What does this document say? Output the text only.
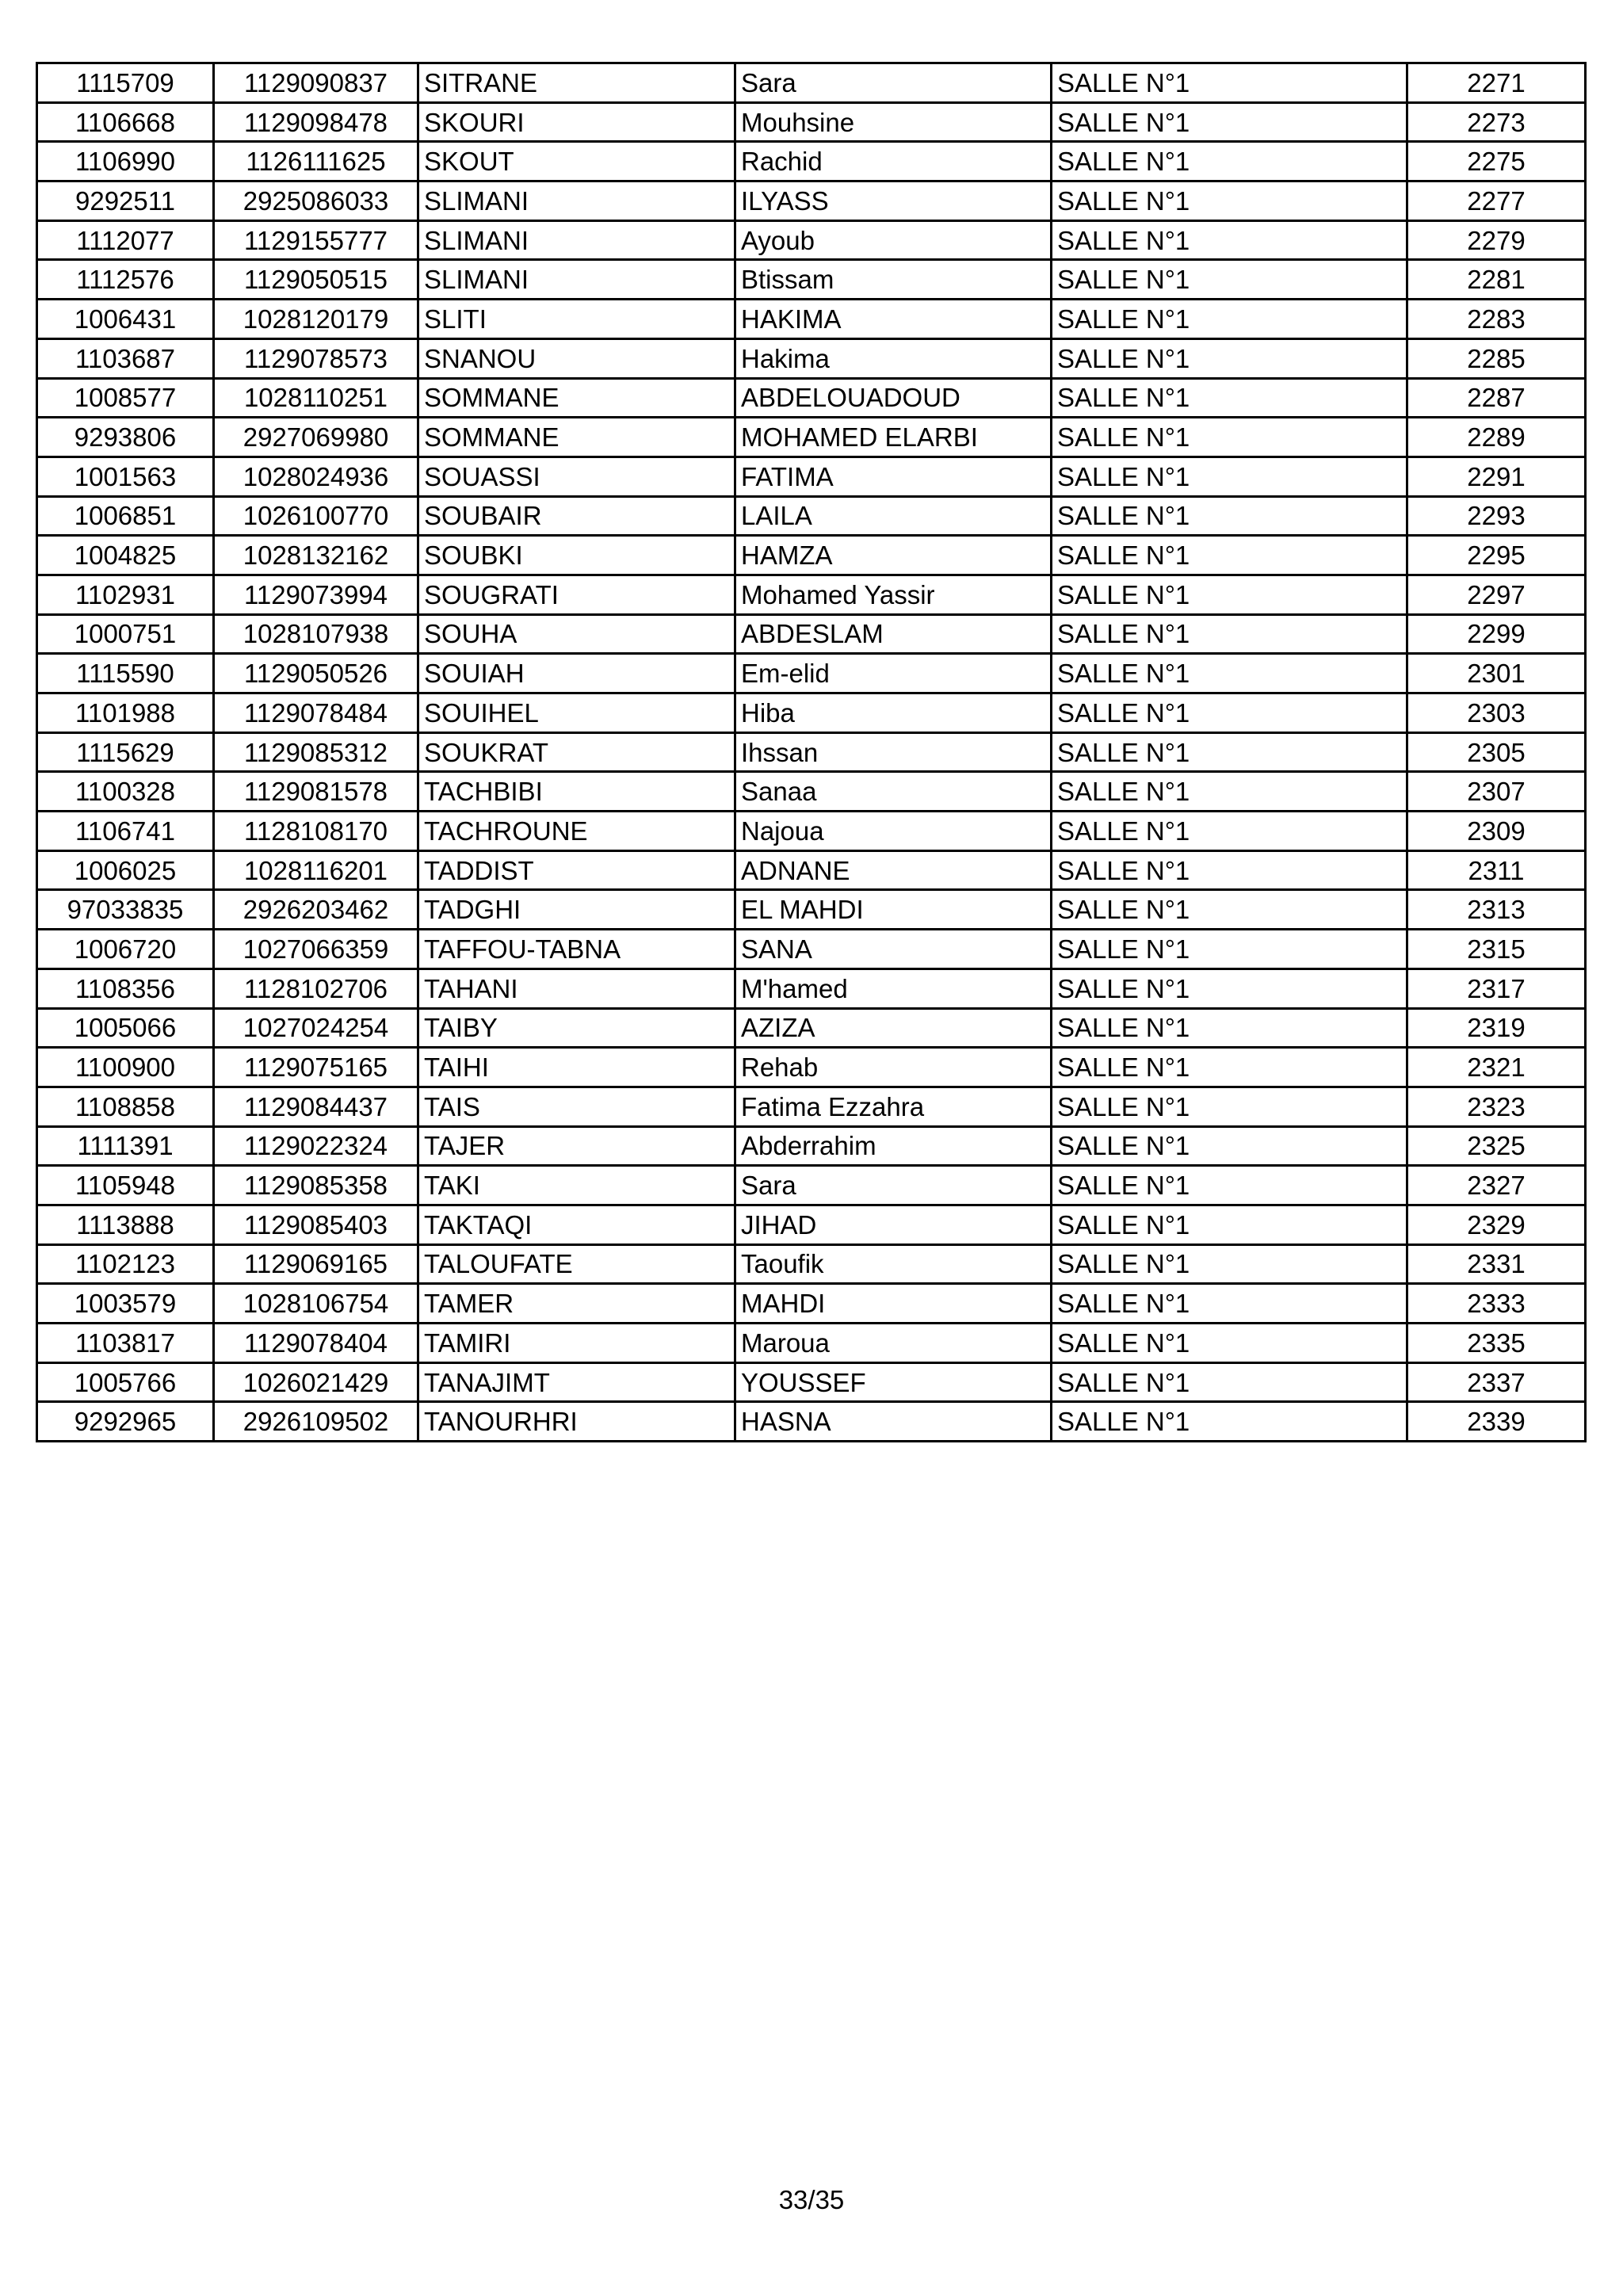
1115709	1129090837	SITRANE	Sara	SALLE N°1	2271
1106668	1129098478	SKOURI	Mouhsine	SALLE N°1	2273
1106990	1126111625	SKOUT	Rachid	SALLE N°1	2275
9292511	2925086033	SLIMANI	ILYASS	SALLE N°1	2277
1112077	1129155777	SLIMANI	Ayoub	SALLE N°1	2279
1112576	1129050515	SLIMANI	Btissam	SALLE N°1	2281
1006431	1028120179	SLITI	HAKIMA	SALLE N°1	2283
1103687	1129078573	SNANOU	Hakima	SALLE N°1	2285
1008577	1028110251	SOMMANE	ABDELOUADOUD	SALLE N°1	2287
9293806	2927069980	SOMMANE	MOHAMED ELARBI	SALLE N°1	2289
1001563	1028024936	SOUASSI	FATIMA	SALLE N°1	2291
1006851	1026100770	SOUBAIR	LAILA	SALLE N°1	2293
1004825	1028132162	SOUBKI	HAMZA	SALLE N°1	2295
1102931	1129073994	SOUGRATI	Mohamed Yassir	SALLE N°1	2297
1000751	1028107938	SOUHA	ABDESLAM	SALLE N°1	2299
1115590	1129050526	SOUIAH	Em-elid	SALLE N°1	2301
1101988	1129078484	SOUIHEL	Hiba	SALLE N°1	2303
1115629	1129085312	SOUKRAT	Ihssan	SALLE N°1	2305
1100328	1129081578	TACHBIBI	Sanaa	SALLE N°1	2307
1106741	1128108170	TACHROUNE	Najoua	SALLE N°1	2309
1006025	1028116201	TADDIST	ADNANE	SALLE N°1	2311
97033835	2926203462	TADGHI	EL MAHDI	SALLE N°1	2313
1006720	1027066359	TAFFOU-TABNA	SANA	SALLE N°1	2315
1108356	1128102706	TAHANI	M'hamed	SALLE N°1	2317
1005066	1027024254	TAIBY	AZIZA	SALLE N°1	2319
1100900	1129075165	TAIHI	Rehab	SALLE N°1	2321
1108858	1129084437	TAIS	Fatima Ezzahra	SALLE N°1	2323
1111391	1129022324	TAJER	Abderrahim	SALLE N°1	2325
1105948	1129085358	TAKI	Sara	SALLE N°1	2327
1113888	1129085403	TAKTAQI	JIHAD	SALLE N°1	2329
1102123	1129069165	TALOUFATE	Taoufik	SALLE N°1	2331
1003579	1028106754	TAMER	MAHDI	SALLE N°1	2333
1103817	1129078404	TAMIRI	Maroua	SALLE N°1	2335
1005766	1026021429	TANAJIMT	YOUSSEF	SALLE N°1	2337
9292965	2926109502	TANOURHRI	HASNA	SALLE N°1	2339
33/35
